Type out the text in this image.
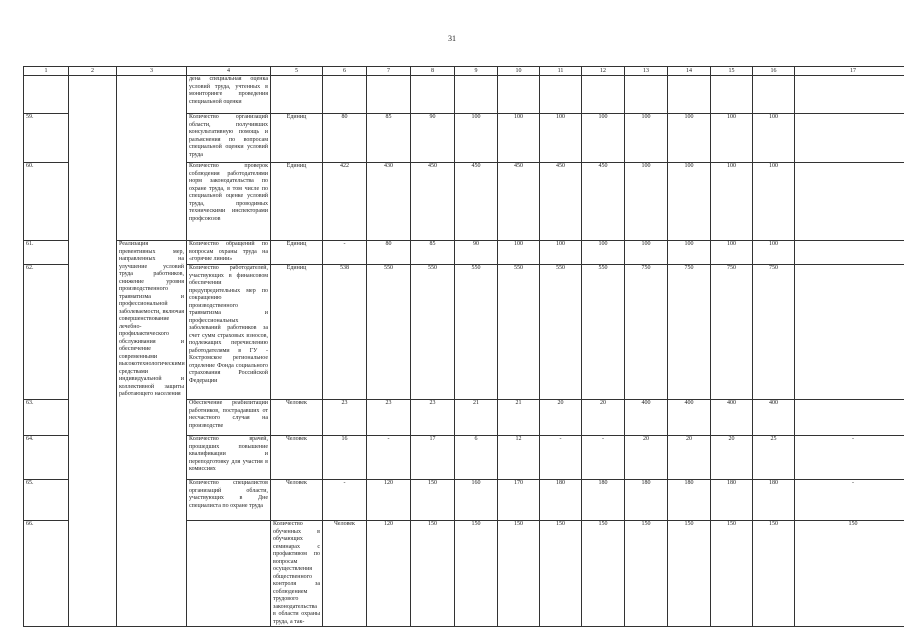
31
1	2	3	4	5	6	7	8	9	10	11	12	13	14	15	16	17	
			дена специальная оценка условий труда, учтенных в мониторинге проведения специальной оценки														
59.			Количество организаций области, получивших консультативную помощь и разъяснения по вопросам специальной оценки условий труда	Единиц	80	85	90	100	100	100	100	100	100	100	100		
60.			Количество проверок соблюдения работодателями норм законодательства по охране труда, в том числе по специальной оценке условий труда, проводимых техническими инспекторами профсоюзов	Единиц	422	430	450	450	450	450	450	100	100	100	100		
61.		Реализация превентивных мер, направленных на улучшение условий труда работников, снижение уровня производственного травматизма и профессиональной заболеваемости, включая совершенствование лечебно-профилактического обслуживания и обеспечение современными высокотехнологическими средствами индивидуальной и коллективной защиты работающего населения	Количество обращений по вопросам охраны труда на «горячие линии»	Единиц	-	80	85	90	100	100	100	100	100	100	100		
62.			Количество работодателей, участвующих в финансовом обеспечении предупредительных мер по сокращению производственного травматизма и профессиональных заболеваний работников за счет сумм страховых взносов, подлежащих перечислению работодателями в ГУ - Костромское региональное отделение Фонда социального страхования Российской Федерации	Единиц	538	550	550	550	550	550	550	750	750	750	750		
63.			Обеспечение реабилитации работников, пострадавших от несчастного случая на производстве	Человек	23	23	23	21	21	20	20	400	400	400	400		
64.			Количество врачей, прошедших повышение квалификации и переподготовку для участия в комиссиях	Человек	16	-	17	6	12	-	-	20	20	20	25	-	
65.			Количество специалистов организаций области, участвующих в Дне специалиста по охране труда	Человек	-	120	150	160	170	180	180	180	180	180	180	-	
66.				Количество обученных в обучающих семинарах с профактивом по вопросам осуществления общественного контроля за соблюдением трудового законодательства в области охраны труда, а так-	Человек	120	150	150	150	150	150	150	150	150	150	150	
